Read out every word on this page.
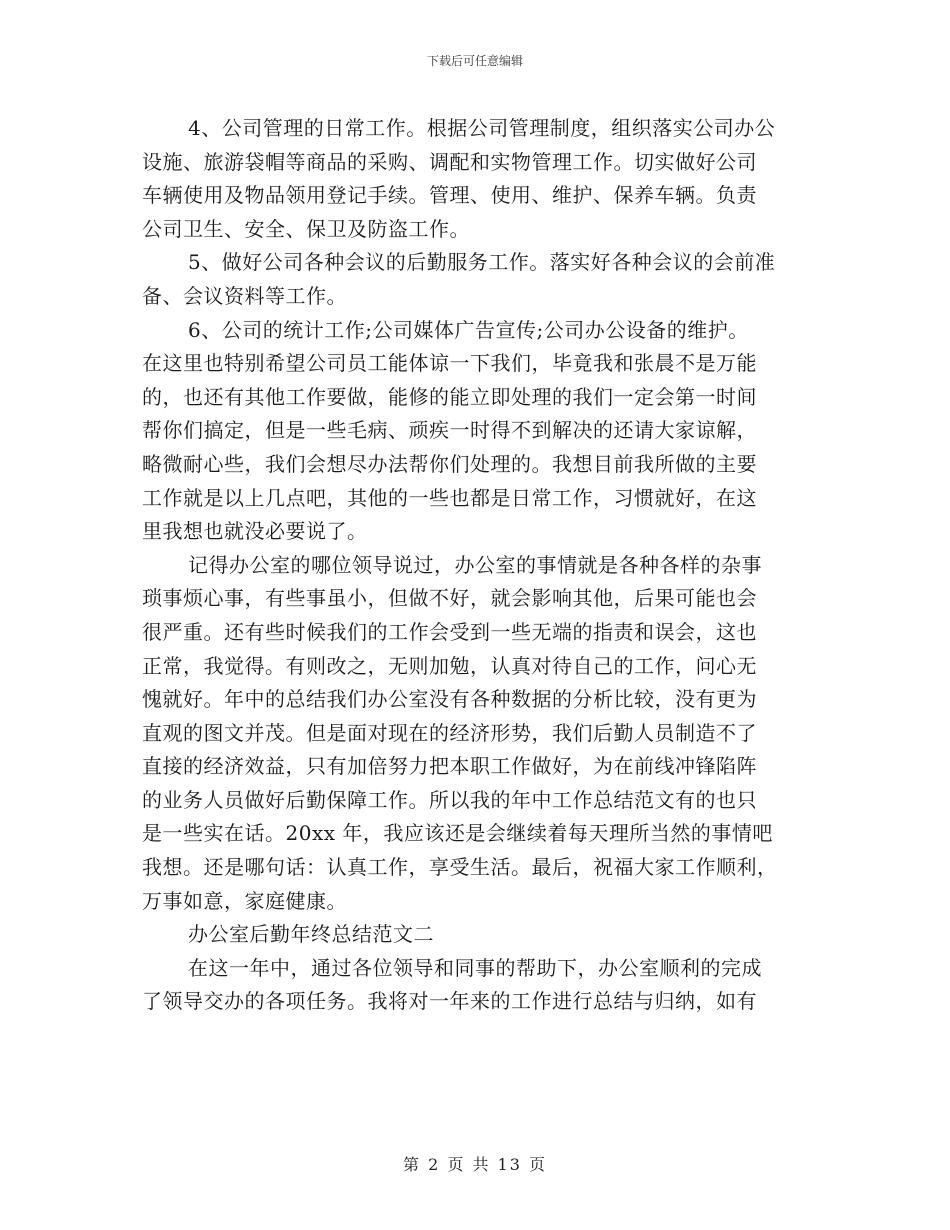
下载后可任意编辑
4、公司管理的日常工作。根据公司管理制度，组织落实公司办公
设施、旅游袋帽等商品的采购、调配和实物管理工作。切实做好公司
车辆使用及物品领用登记手续。管理、使用、维护、保养车辆。负责
公司卫生、安全、保卫及防盗工作。
5、做好公司各种会议的后勤服务工作。落实好各种会议的会前准
备、会议资料等工作。
6、公司的统计工作;公司媒体广告宣传;公司办公设备的维护。
在这里也特别希望公司员工能体谅一下我们，毕竟我和张晨不是万能
的，也还有其他工作要做，能修的能立即处理的我们一定会第一时间
帮你们搞定，但是一些毛病、顽疾一时得不到解决的还请大家谅解，
略微耐心些，我们会想尽办法帮你们处理的。我想目前我所做的主要
工作就是以上几点吧，其他的一些也都是日常工作，习惯就好，在这
里我想也就没必要说了。
记得办公室的哪位领导说过，办公室的事情就是各种各样的杂事
琐事烦心事，有些事虽小，但做不好，就会影响其他，后果可能也会
很严重。还有些时候我们的工作会受到一些无端的指责和误会，这也
正常，我觉得。有则改之，无则加勉，认真对待自己的工作，问心无
愧就好。年中的总结我们办公室没有各种数据的分析比较，没有更为
直观的图文并茂。但是面对现在的经济形势，我们后勤人员制造不了
直接的经济效益，只有加倍努力把本职工作做好，为在前线冲锋陷阵
的业务人员做好后勤保障工作。所以我的年中工作总结范文有的也只
是一些实在话。20xx 年，我应该还是会继续着每天理所当然的事情吧
我想。还是哪句话：认真工作，享受生活。最后，祝福大家工作顺利，
万事如意，家庭健康。
办公室后勤年终总结范文二
在这一年中，通过各位领导和同事的帮助下，办公室顺利的完成
了领导交办的各项任务。我将对一年来的工作进行总结与归纳，如有
第 2 页 共 13 页
